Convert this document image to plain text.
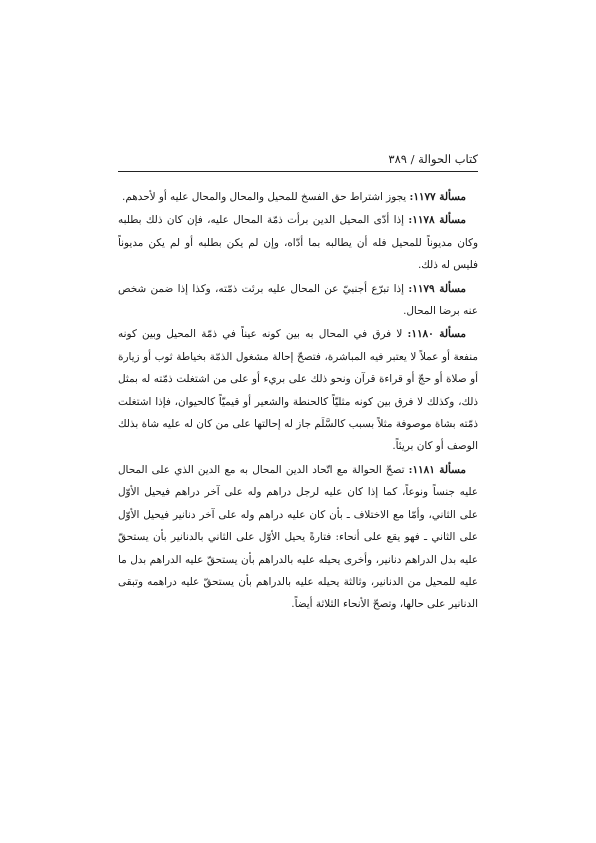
كتاب الحوالة / ٣٨٩

مسألة ١١٧٧: يجوز اشتراط حق الفسخ للمحيل والمحال والمحال عليه أو لأحدهم.

مسألة ١١٧٨: إذا أدّى المحيل الدين برأت ذمّة المحال عليه، فإن كان ذلك بطلبه وكان مديوناً للمحيل فله أن يطالبه بما أدّاه، وإن لم يكن بطلبه أو لم يكن مديوناً فليس له ذلك.

مسألة ١١٧٩: إذا تبرّع أجنبيّ عن المحال عليه برئت ذمّته، وكذا إذا ضمن شخص عنه برضا المحال.

مسألة ١١٨٠: لا فرق في المحال به بين كونه عيناً في ذمّة المحيل وبين كونه منفعة أو عملاً لا يعتبر فيه المباشرة، فتصحّ إحالة مشغول الذمّة بخياطة ثوب أو زيارة أو صلاة أو حجّ أو قراءة قرآن ونحو ذلك على بريء أو على من اشتغلت ذمّته له بمثل ذلك، وكذلك لا فرق بين كونه مثليّاً كالحنطة والشعير أو قيميّاً كالحيوان، فإذا اشتغلت ذمّته بشاة موصوفة مثلاً بسبب كالسَّلَم جاز له إحالتها على من كان له عليه شاة بذلك الوصف أو كان بريئاً.

مسألة ١١٨١: تصحّ الحوالة مع اتّحاد الدين المحال به مع الدين الذي على المحال عليه جنساً ونوعاً، كما إذا كان عليه لرجل دراهم وله على آخر دراهم فيحيل الأوّل على الثاني، وأمّا مع الاختلاف ـ بأن كان عليه دراهم وله على آخر دنانير فيحيل الأوّل على الثاني ـ فهو يقع على أنحاء: فتارةً يحيل الأوّل على الثاني بالدنانير بأن يستحقّ عليه بدل الدراهم دنانير، وأخرى يحيله عليه بالدراهم بأن يستحقّ عليه الدراهم بدل ما عليه للمحيل من الدنانير، وثالثة يحيله عليه بالدراهم بأن يستحقّ عليه دراهمه وتبقى الدنانير على حالها، وتصحّ الأنحاء الثلاثة أيضاً.
